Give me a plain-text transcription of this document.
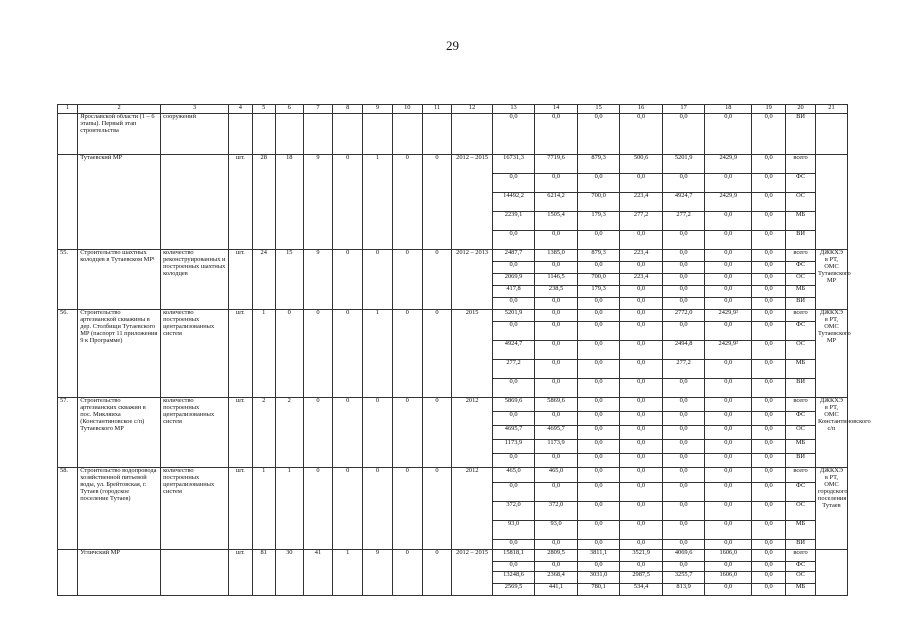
29
1	2	3	4	5	6	7	8	9	10	11	12	13	14	15	16	17	18	19	20	21
	Ярославской области (1 – 6 этапы). Первый этап строительства	сооружений										0,0	0,0	0,0	0,0	0,0	0,0	0,0	ВИ	
	Тутаевский МР		шт.	28	18	9	0	1	0	0	2012 – 2015	16731,3	7719,6	879,3	500,6	5201,9	2429,9	0,0	всего	
												0,0	0,0	0,0	0,0	0,0	0,0	0,0	ФС	
												14492,2	6214,2	700,0	223,4	4924,7	2429,9	0,0	ОС	
												2239,1	1505,4	179,3	277,2	277,2	0,0	0,0	МБ	
												0,0	0,0	0,0	0,0	0,0	0,0	0,0	ВИ	
55.	Строительство шахтных колодцев в Тутаевском МР¹	количество реконструированных и построенных шахтных колодцев	шт.	24	15	9	0	0	0	0	2012 – 2013	2487,7	1385,0	879,3	223,4	0,0	0,0	0,0	всего	ДЖКХЭ в РТ, ОМС Тутаевского МР
												0,0	0,0	0,0	0,0	0,0	0,0	0,0	ФС	
												2069,9	1146,5	700,0	223,4	0,0	0,0	0,0	ОС	
												417,8	238,5	179,3	0,0	0,0	0,0	0,0	МБ	
												0,0	0,0	0,0	0,0	0,0	0,0	0,0	ВИ	
56.	Строительство артезианской скважины в дер. Столбищи Тутаевского МР (паспорт 11 приложения 9 к Программе)	количество построенных централизованных систем	шт.	1	0	0	0	1	0	0	2015	5201,9	0,0	0,0	0,0	2772,0	2429,9²	0,0	всего	ДЖКХЭ в РТ, ОМС Тутаевского МР
												0,0	0,0	0,0	0,0	0,0	0,0	0,0	ФС	
												4924,7	0,0	0,0	0,0	2494,8	2429,9²	0,0	ОС	
												277,2	0,0	0,0	0,0	277,2	0,0	0,0	МБ	
												0,0	0,0	0,0	0,0	0,0	0,0	0,0	ВИ	
57.	Строительство артезианских скважин в пос. Микляиха (Константиновское с/п) Тутаевского МР	количество построенных централизованных систем	шт.	2	2	0	0	0	0	0	2012	5869,6	5869,6	0,0	0,0	0,0	0,0	0,0	всего	ДЖКХЭ в РТ, ОМС Константиновского с/п
												0,0	0,0	0,0	0,0	0,0	0,0	0,0	ФС	
												4695,7	4695,7	0,0	0,0	0,0	0,0	0,0	ОС	
												1173,9	1173,9	0,0	0,0	0,0	0,0	0,0	МБ	
												0,0	0,0	0,0	0,0	0,0	0,0	0,0	ВИ	
58.	Строительство водопровода хозяйственной питьевой воды, ул. Брейтовская, г. Тутаев (городское поселение Тутаев)	количество построенных централизованных систем	шт.	1	1	0	0	0	0	0	2012	465,0	465,0	0,0	0,0	0,0	0,0	0,0	всего	ДЖКХЭ в РТ, ОМС городского поселения Тутаев
												0,0	0,0	0,0	0,0	0,0	0,0	0,0	ФС	
												372,0	372,0	0,0	0,0	0,0	0,0	0,0	ОС	
												93,0	93,0	0,0	0,0	0,0	0,0	0,0	МБ	
												0,0	0,0	0,0	0,0	0,0	0,0	0,0	ВИ	
	Угличский МР		шт.	81	30	41	1	9	0	0	2012 – 2015	15818,1	2809,5	3811,1	3521,9	4069,6	1606,0	0,0	всего	
												0,0	0,0	0,0	0,0	0,0	0,0	0,0	ФС	
												13248,6	2368,4	3031,0	2987,5	3255,7	1606,0	0,0	ОС	
												2569,5	441,1	780,1	534,4	813,9	0,0	0,0	МБ	
